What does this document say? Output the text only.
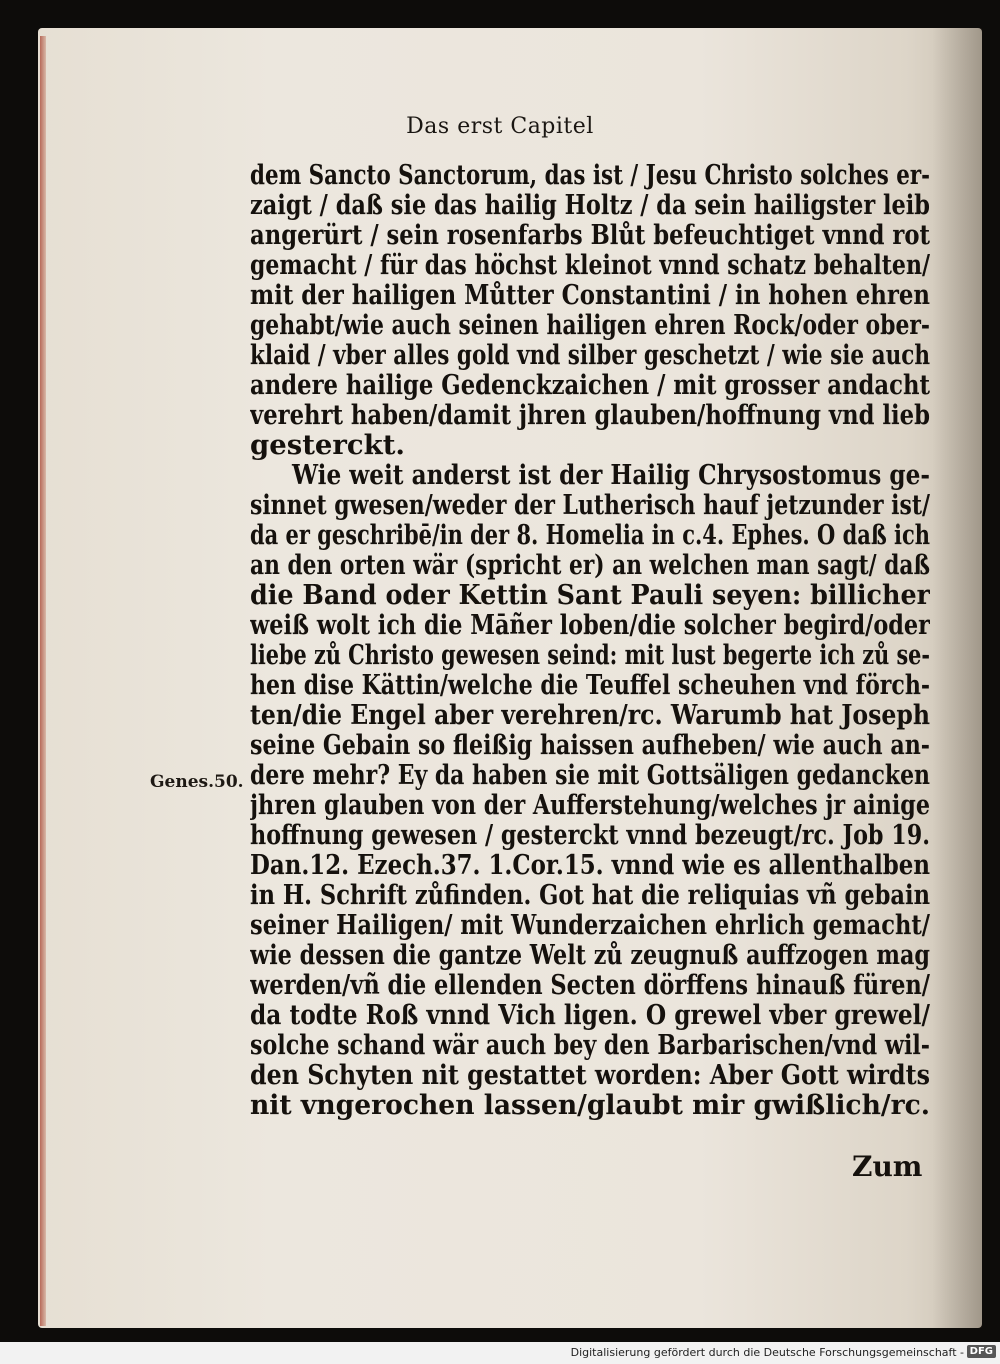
Das erst Capitel
dem Sancto Sanctorum, das ist / Jesu Christo solches er-
zaigt / daß sie das hailig Holtz / da sein hailigster leib
angerürt / sein rosenfarbs Blůt befeuchtiget vnnd rot
gemacht / für das höchst kleinot vnnd schatz behalten/
mit der hailigen Můtter Constantini / in hohen ehren
gehabt/wie auch seinen hailigen ehren Rock/oder ober-
klaid / vber alles gold vnd silber geschetzt / wie sie auch
andere hailige Gedenckzaichen / mit grosser andacht
verehrt haben/damit jhren glauben/hoffnung vnd lieb
gesterckt.
Wie weit anderst ist der Hailig Chrysostomus ge-
sinnet gwesen/weder der Lutherisch hauf jetzunder ist/
da er geschribē/in der 8. Homelia in c.4. Ephes. O daß ich
an den orten wär (spricht er) an welchen man sagt/ daß
die Band oder Kettin Sant Pauli seyen: billicher
weiß wolt ich die Māñer loben/die solcher begird/oder
liebe zů Christo gewesen seind: mit lust begerte ich zů se-
hen dise Kättin/welche die Teuffel scheuhen vnd förch-
ten/die Engel aber verehren/rc. Warumb hat Joseph
seine Gebain so fleißig haissen aufheben/ wie auch an-
dere mehr? Ey da haben sie mit Gottsäligen gedancken
jhren glauben von der Aufferstehung/welches jr ainige
hoffnung gewesen / gesterckt vnnd bezeugt/rc. Job 19.
Dan.12. Ezech.37. 1.Cor.15. vnnd wie es allenthalben
in H. Schrift zůfinden. Got hat die reliquias vñ gebain
seiner Hailigen/ mit Wunderzaichen ehrlich gemacht/
wie dessen die gantze Welt zů zeugnuß auffzogen mag
werden/vñ die ellenden Secten dörffens hinauß füren/
da todte Roß vnnd Vich ligen. O grewel vber grewel/
solche schand wär auch bey den Barbarischen/vnd wil-
den Schyten nit gestattet worden: Aber Gott wirdts
nit vngerochen lassen/glaubt mir gwißlich/rc.
Genes.50.
Zum
Digitalisierung gefördert durch die Deutsche Forschungsgemeinschaft - DFG
